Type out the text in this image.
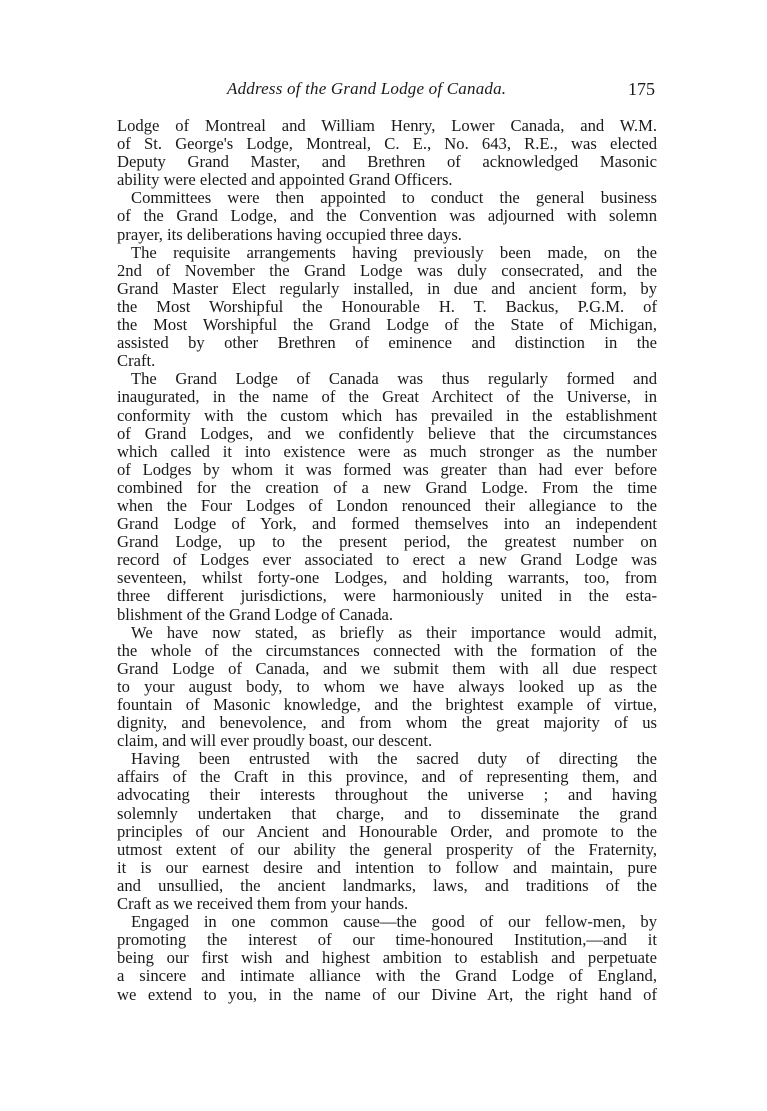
Address of the Grand Lodge of Canada.	175
Lodge of Montreal and William Henry, Lower Canada, and W.M.
of St. George's Lodge, Montreal, C. E., No. 643, R.E., was elected
Deputy Grand Master, and Brethren of acknowledged Masonic
ability were elected and appointed Grand Officers.
Committees were then appointed to conduct the general business
of the Grand Lodge, and the Convention was adjourned with solemn
prayer, its deliberations having occupied three days.
The requisite arrangements having previously been made, on the
2nd of November the Grand Lodge was duly consecrated, and the
Grand Master Elect regularly installed, in due and ancient form, by
the Most Worshipful the Honourable H. T. Backus, P.G.M. of
the Most Worshipful the Grand Lodge of the State of Michigan,
assisted by other Brethren of eminence and distinction in the
Craft.
The Grand Lodge of Canada was thus regularly formed and
inaugurated, in the name of the Great Architect of the Universe, in
conformity with the custom which has prevailed in the establishment
of Grand Lodges, and we confidently believe that the circumstances
which called it into existence were as much stronger as the number
of Lodges by whom it was formed was greater than had ever before
combined for the creation of a new Grand Lodge. From the time
when the Four Lodges of London renounced their allegiance to the
Grand Lodge of York, and formed themselves into an independent
Grand Lodge, up to the present period, the greatest number on
record of Lodges ever associated to erect a new Grand Lodge was
seventeen, whilst forty-one Lodges, and holding warrants, too, from
three different jurisdictions, were harmoniously united in the esta-
blishment of the Grand Lodge of Canada.
We have now stated, as briefly as their importance would admit,
the whole of the circumstances connected with the formation of the
Grand Lodge of Canada, and we submit them with all due respect
to your august body, to whom we have always looked up as the
fountain of Masonic knowledge, and the brightest example of virtue,
dignity, and benevolence, and from whom the great majority of us
claim, and will ever proudly boast, our descent.
Having been entrusted with the sacred duty of directing the
affairs of the Craft in this province, and of representing them, and
advocating their interests throughout the universe ; and having
solemnly undertaken that charge, and to disseminate the grand
principles of our Ancient and Honourable Order, and promote to the
utmost extent of our ability the general prosperity of the Fraternity,
it is our earnest desire and intention to follow and maintain, pure
and unsullied, the ancient landmarks, laws, and traditions of the
Craft as we received them from your hands.
Engaged in one common cause—the good of our fellow-men, by
promoting the interest of our time-honoured Institution,—and it
being our first wish and highest ambition to establish and perpetuate
a sincere and intimate alliance with the Grand Lodge of England,
we extend to you, in the name of our Divine Art, the right hand of
